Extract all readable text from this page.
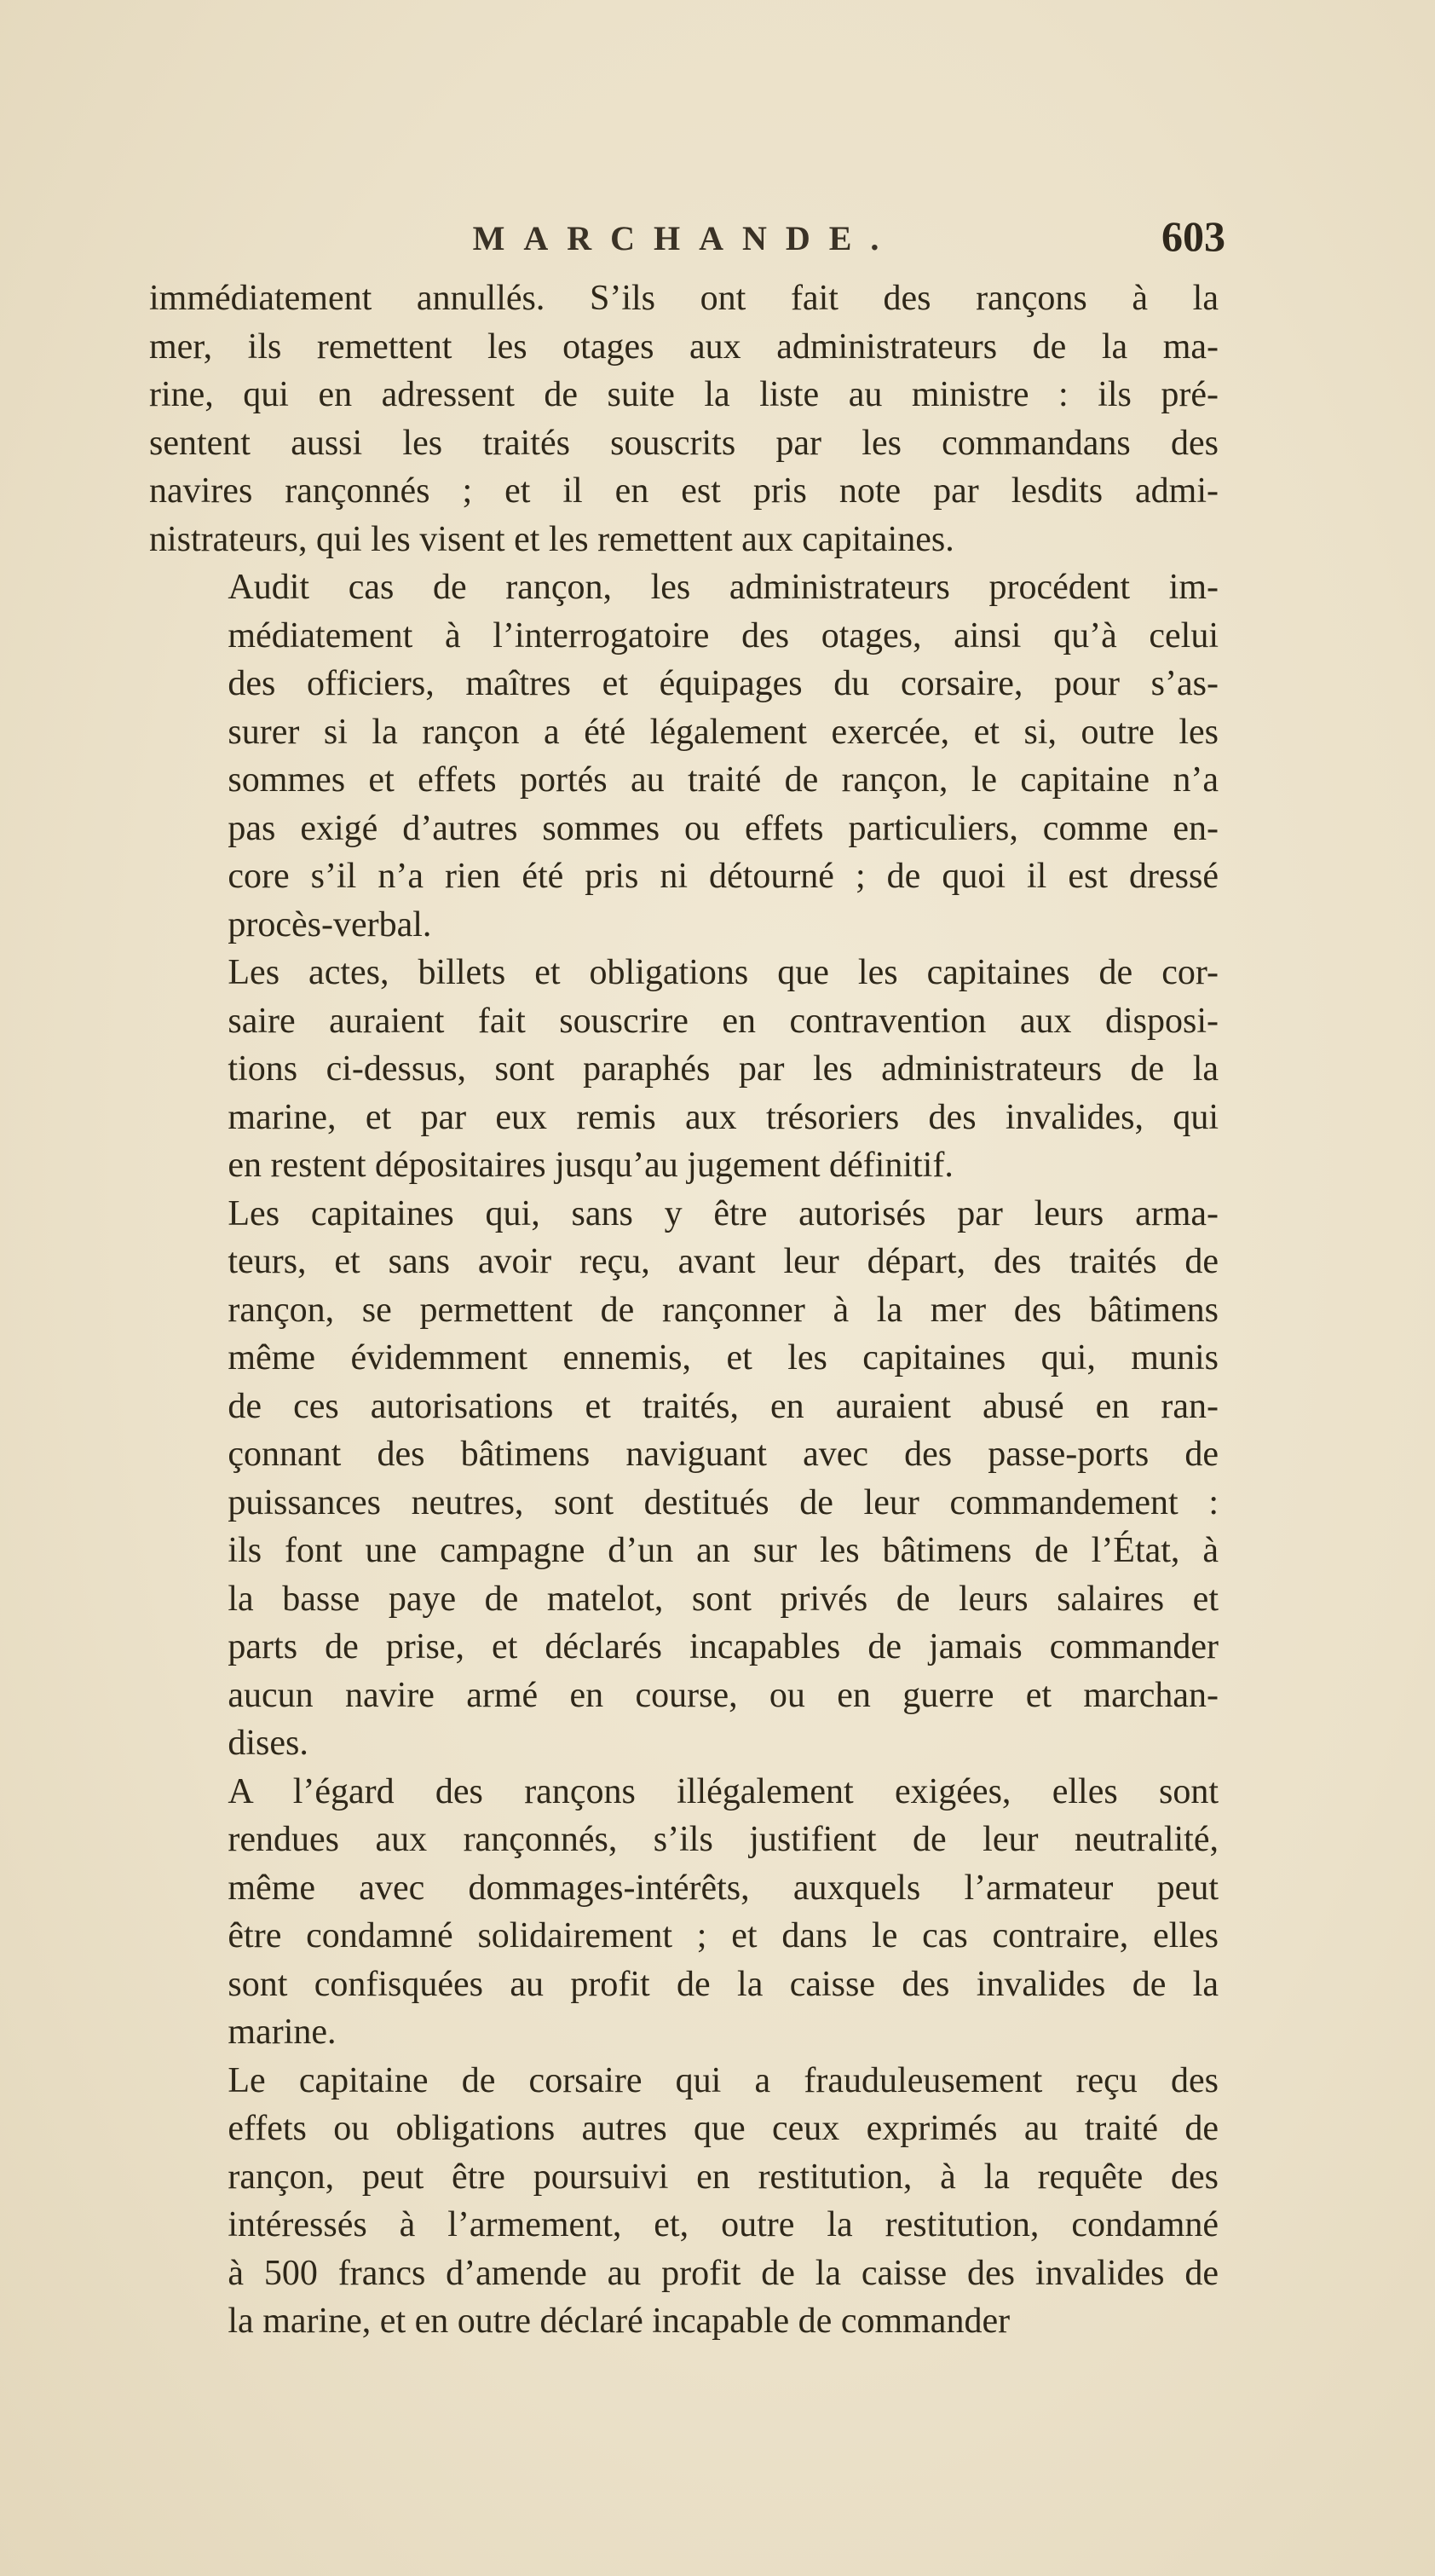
MARCHANDE.	603
immédiatement annullés. S’ils ont fait des rançons à la
mer, ils remettent les otages aux administrateurs de la ma-
rine, qui en adressent de suite la liste au ministre : ils pré-
sentent aussi les traités souscrits par les commandans des
navires rançonnés ; et il en est pris note par lesdits admi-
nistrateurs, qui les visent et les remettent aux capitaines.
Audit cas de rançon, les administrateurs procédent im-
médiatement à l’interrogatoire des otages, ainsi qu’à celui
des officiers, maîtres et équipages du corsaire, pour s’as-
surer si la rançon a été légalement exercée, et si, outre les
sommes et effets portés au traité de rançon, le capitaine n’a
pas exigé d’autres sommes ou effets particuliers, comme en-
core s’il n’a rien été pris ni détourné ; de quoi il est dressé
procès-verbal.
Les actes, billets et obligations que les capitaines de cor-
saire auraient fait souscrire en contravention aux disposi-
tions ci-dessus, sont paraphés par les administrateurs de la
marine, et par eux remis aux trésoriers des invalides, qui
en restent dépositaires jusqu’au jugement définitif.
Les capitaines qui, sans y être autorisés par leurs arma-
teurs, et sans avoir reçu, avant leur départ, des traités de
rançon, se permettent de rançonner à la mer des bâtimens
même évidemment ennemis, et les capitaines qui, munis
de ces autorisations et traités, en auraient abusé en ran-
çonnant des bâtimens naviguant avec des passe-ports de
puissances neutres, sont destitués de leur commandement :
ils font une campagne d’un an sur les bâtimens de l’État, à
la basse paye de matelot, sont privés de leurs salaires et
parts de prise, et déclarés incapables de jamais commander
aucun navire armé en course, ou en guerre et marchan-
dises.
A l’égard des rançons illégalement exigées, elles sont
rendues aux rançonnés, s’ils justifient de leur neutralité,
même avec dommages-intérêts, auxquels l’armateur peut
être condamné solidairement ; et dans le cas contraire, elles
sont confisquées au profit de la caisse des invalides de la
marine.
Le capitaine de corsaire qui a frauduleusement reçu des
effets ou obligations autres que ceux exprimés au traité de
rançon, peut être poursuivi en restitution, à la requête des
intéressés à l’armement, et, outre la restitution, condamné
à 500 francs d’amende au profit de la caisse des invalides de
la marine, et en outre déclaré incapable de commander
